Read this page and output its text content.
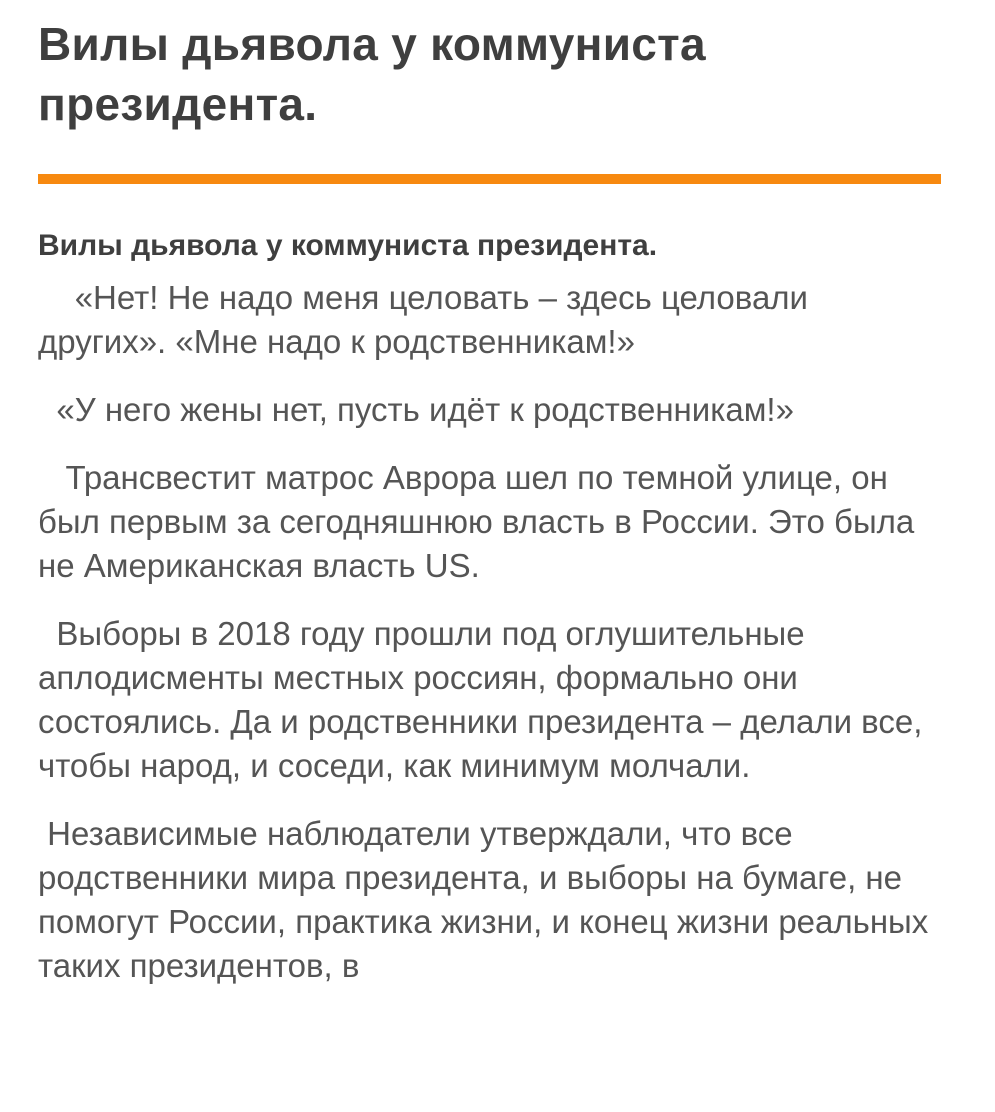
Вилы дьявола у коммуниста президента.
Вилы дьявола у коммуниста президента.

«Нет! Не надо меня целовать – здесь целовали других». «Мне надо к родственникам!»

«У него жены нет, пусть идёт к родственникам!»

Трансвестит матрос Аврора шел по темной улице, он был первым за сегодняшнюю власть в России. Это была не Американская власть US.

Выборы в 2018 году прошли под оглушительные аплодисменты местных россиян, формально они состоялись. Да и родственники президента – делали все, чтобы народ, и соседи, как минимум молчали.

Независимые наблюдатели утверждали, что все родственники мира президента, и выборы на бумаге, не помогут России, практика жизни, и конец жизни реальных таких президентов, в
